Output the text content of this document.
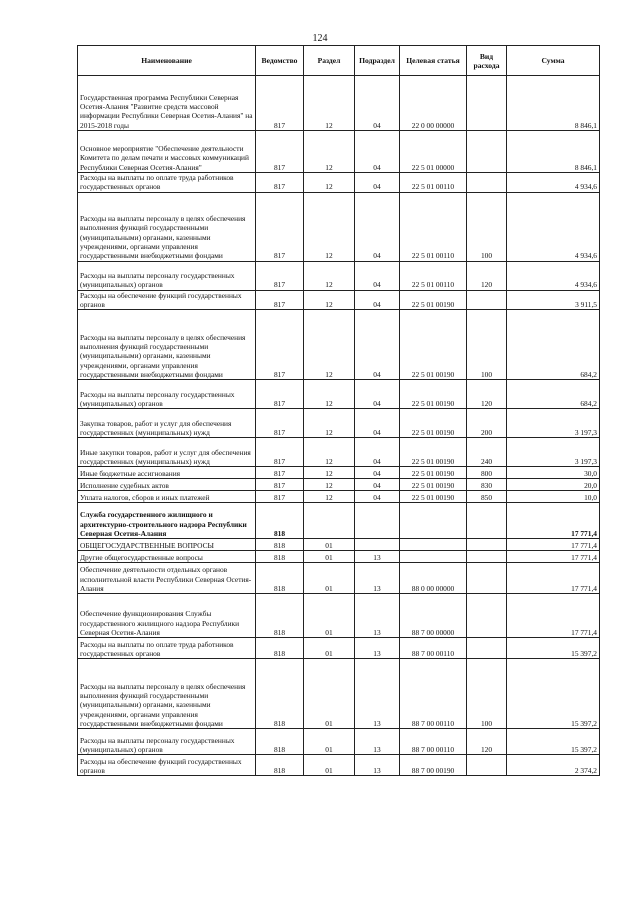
124
Наименование	Ведомство	Раздел	Подраздел	Целевая статья	Вид расхода	Сумма
Государственная программа Республики Северная Осетия-Алания "Развитие средств массовой информации Республики Северная Осетия-Алания" на 2015-2018 годы	817	12	04	22 0 00 00000		8 846,1
Основное мероприятие "Обеспечение деятельности Комитета по делам печати и массовых коммуникаций Республики Северная Осетия-Алания"	817	12	04	22 5 01 00000		8 846,1
Расходы на выплаты по оплате труда работников государственных органов	817	12	04	22 5 01 00110		4 934,6
Расходы на выплаты персоналу в целях обеспечения выполнения функций государственными (муниципальными) органами, казенными учреждениями, органами управления государственными внебюджетными фондами	817	12	04	22 5 01 00110	100	4 934,6
Расходы на выплаты персоналу государственных (муниципальных) органов	817	12	04	22 5 01 00110	120	4 934,6
Расходы на обеспечение функций государственных органов	817	12	04	22 5 01 00190		3 911,5
Расходы на выплаты персоналу в целях обеспечения выполнения функций государственными (муниципальными) органами, казенными учреждениями, органами управления государственными внебюджетными фондами	817	12	04	22 5 01 00190	100	684,2
Расходы на выплаты персоналу государственных (муниципальных) органов	817	12	04	22 5 01 00190	120	684,2
Закупка товаров, работ и услуг для обеспечения государственных (муниципальных) нужд	817	12	04	22 5 01 00190	200	3 197,3
Иные закупки товаров, работ и услуг для обеспечения государственных (муниципальных) нужд	817	12	04	22 5 01 00190	240	3 197,3
Иные бюджетные ассигнования	817	12	04	22 5 01 00190	800	30,0
Исполнение судебных актов	817	12	04	22 5 01 00190	830	20,0
Уплата налогов, сборов и иных платежей	817	12	04	22 5 01 00190	850	10,0
Служба государственного жилищного и архитектурно-строительного надзора Республики Северная Осетия-Алания	818					17 771,4
ОБЩЕГОСУДАРСТВЕННЫЕ ВОПРОСЫ	818	01				17 771,4
Другие общегосударственные вопросы	818	01	13			17 771,4
Обеспечение деятельности отдельных органов исполнительной власти Республики Северная Осетия-Алания	818	01	13	88 0 00 00000		17 771,4
Обеспечение функционирования Службы государственного жилищного надзора Республики Северная Осетия-Алания	818	01	13	88 7 00 00000		17 771,4
Расходы на выплаты по оплате труда работников государственных органов	818	01	13	88 7 00 00110		15 397,2
Расходы на выплаты персоналу в целях обеспечения выполнения функций государственными (муниципальными) органами, казенными учреждениями, органами управления государственными внебюджетными фондами	818	01	13	88 7 00 00110	100	15 397,2
Расходы на выплаты персоналу государственных (муниципальных) органов	818	01	13	88 7 00 00110	120	15 397,2
Расходы на обеспечение функций государственных органов	818	01	13	88 7 00 00190		2 374,2
